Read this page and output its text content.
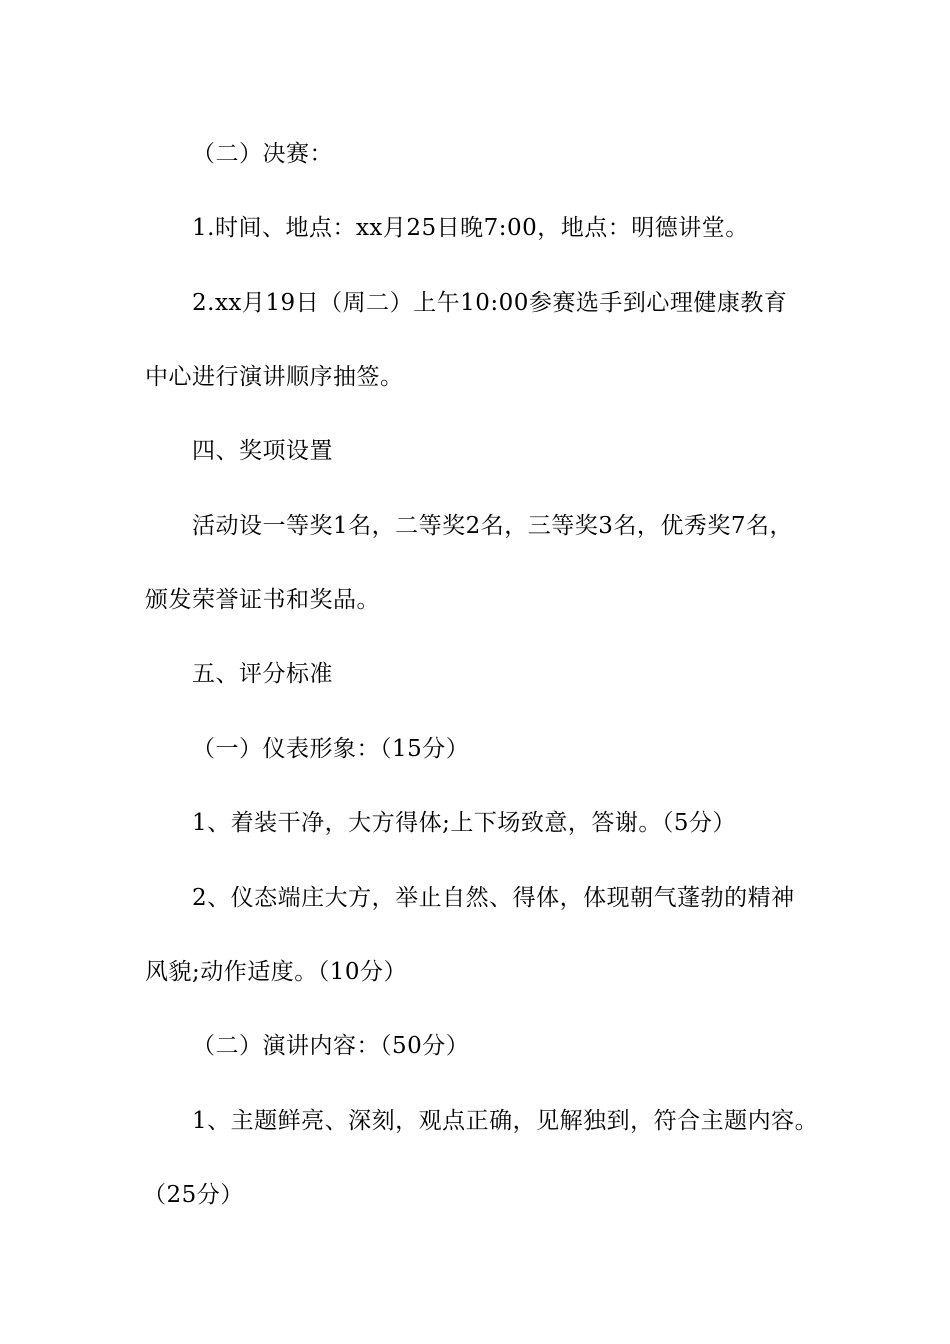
（二）决赛：
1.时间、地点：xx月25日晚7:00，地点：明德讲堂。
2.xx月19日（周二）上午10:00参赛选手到心理健康教育
中心进行演讲顺序抽签。
四、奖项设置
活动设一等奖1名，二等奖2名，三等奖3名，优秀奖7名，
颁发荣誉证书和奖品。
五、评分标准
（一）仪表形象：（15分）
1、着装干净，大方得体;上下场致意，答谢。（5分）
2、仪态端庄大方，举止自然、得体，体现朝气蓬勃的精神
风貌;动作适度。（10分）
（二）演讲内容：（50分）
1、主题鲜亮、深刻，观点正确，见解独到，符合主题内容。
（25分）
